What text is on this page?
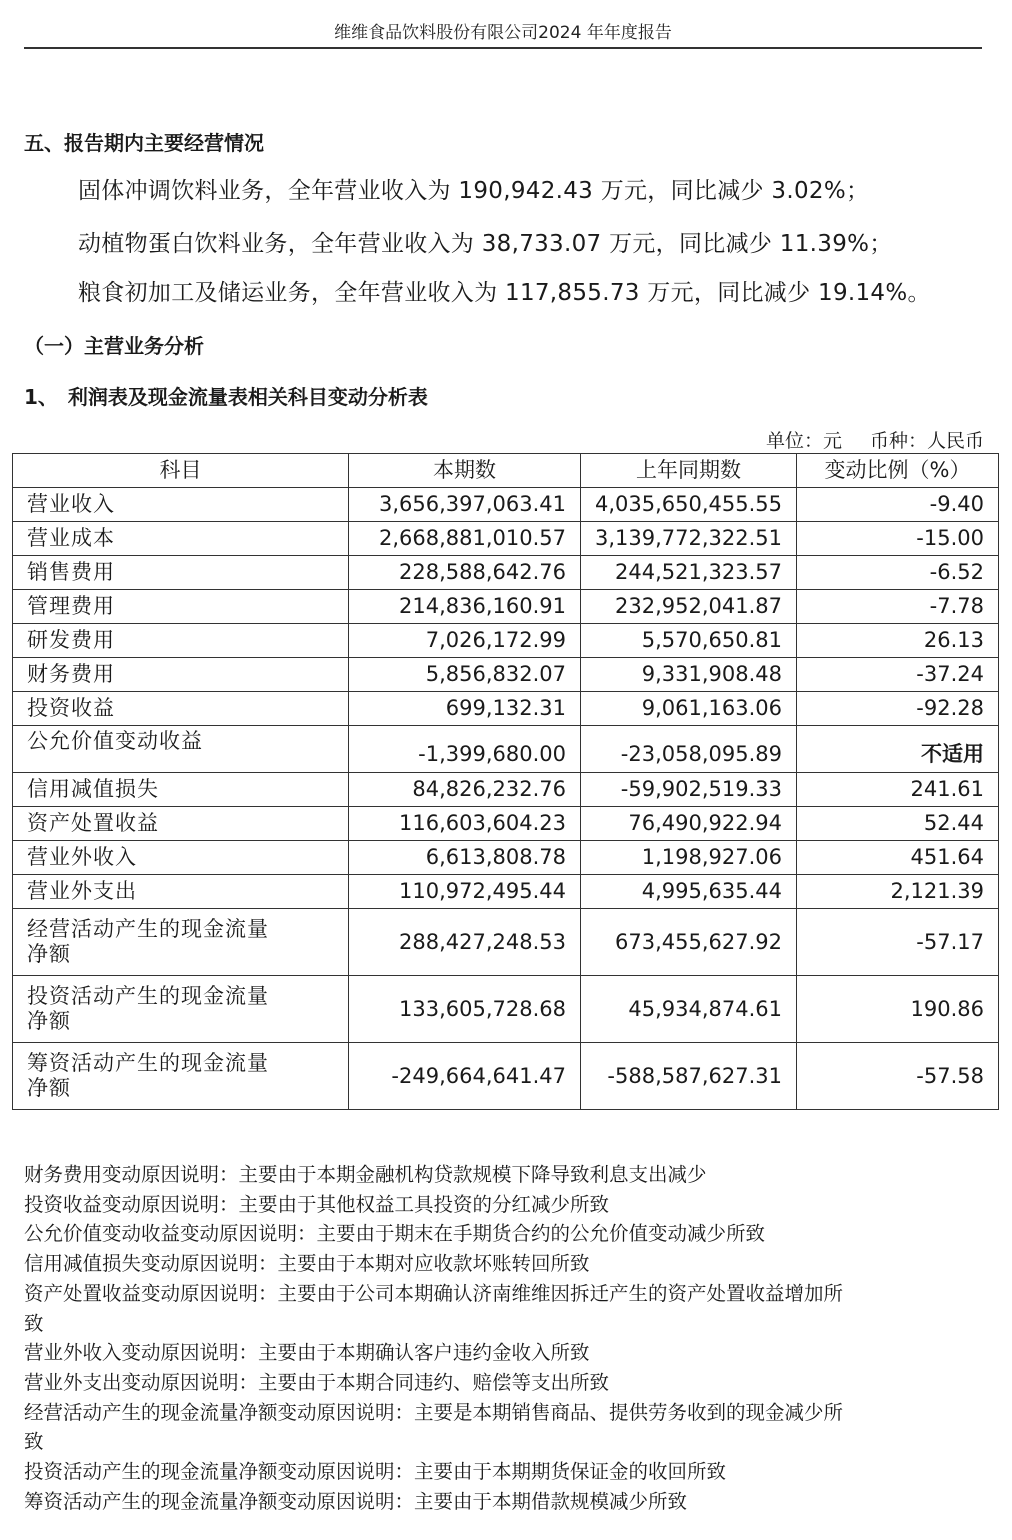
维维食品饮料股份有限公司2024 年年度报告
五、报告期内主要经营情况
固体冲调饮料业务，全年营业收入为 190,942.43 万元，同比减少 3.02%；
动植物蛋白饮料业务，全年营业收入为 38,733.07 万元，同比减少 11.39%；
粮食初加工及储运业务，全年营业收入为 117,855.73 万元，同比减少 19.14%。
（一）主营业务分析
1、　利润表及现金流量表相关科目变动分析表
单位：元 币种：人民币
科目	本期数	上年同期数	变动比例（%）
营业收入	3,656,397,063.41	4,035,650,455.55	-9.40
营业成本	2,668,881,010.57	3,139,772,322.51	-15.00
销售费用	228,588,642.76	244,521,323.57	-6.52
管理费用	214,836,160.91	232,952,041.87	-7.78
研发费用	7,026,172.99	5,570,650.81	26.13
财务费用	5,856,832.07	9,331,908.48	-37.24
投资收益	699,132.31	9,061,163.06	-92.28
公允价值变动收益	-1,399,680.00	-23,058,095.89	不适用
信用减值损失	84,826,232.76	-59,902,519.33	241.61
资产处置收益	116,603,604.23	76,490,922.94	52.44
营业外收入	6,613,808.78	1,198,927.06	451.64
营业外支出	110,972,495.44	4,995,635.44	2,121.39

经营活动产生的现金流量
净额	288,427,248.53	673,455,627.92	-57.17

投资活动产生的现金流量
净额	133,605,728.68	45,934,874.61	190.86

筹资活动产生的现金流量
净额	-249,664,641.47	-588,587,627.31	-57.58
财务费用变动原因说明：主要由于本期金融机构贷款规模下降导致利息支出减少
投资收益变动原因说明：主要由于其他权益工具投资的分红减少所致
公允价值变动收益变动原因说明：主要由于期末在手期货合约的公允价值变动减少所致
信用减值损失变动原因说明：主要由于本期对应收款坏账转回所致
资产处置收益变动原因说明：主要由于公司本期确认济南维维因拆迁产生的资产处置收益增加所
致
营业外收入变动原因说明：主要由于本期确认客户违约金收入所致
营业外支出变动原因说明：主要由于本期合同违约、赔偿等支出所致
经营活动产生的现金流量净额变动原因说明：主要是本期销售商品、提供劳务收到的现金减少所
致
投资活动产生的现金流量净额变动原因说明：主要由于本期期货保证金的收回所致
筹资活动产生的现金流量净额变动原因说明：主要由于本期借款规模减少所致
